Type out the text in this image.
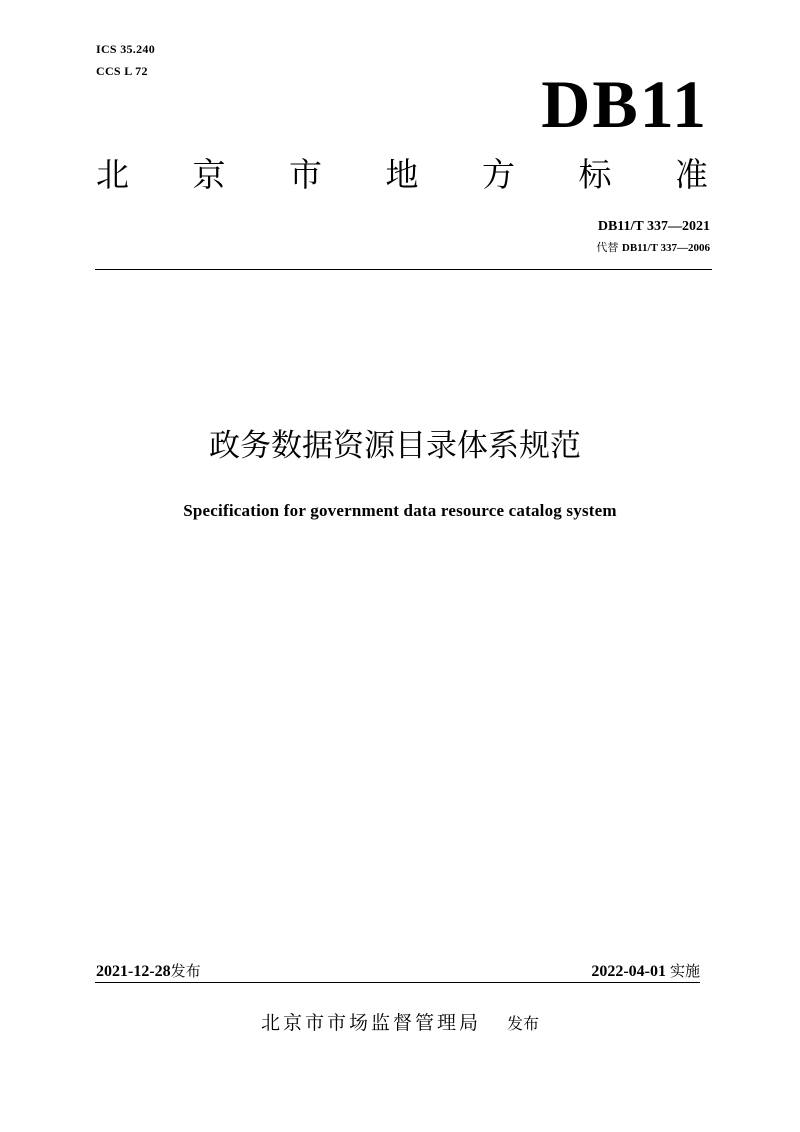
ICS 35.240
CCS L 72	DB11
北 京 市 地 方 标 准
DB11/T 337—2021
代替 DB11/T 337—2006
政务数据资源目录体系规范
Specification for government data resource catalog system
2021-12-28发布	2022-04-01 实施
北京市市场监督管理局 发布
